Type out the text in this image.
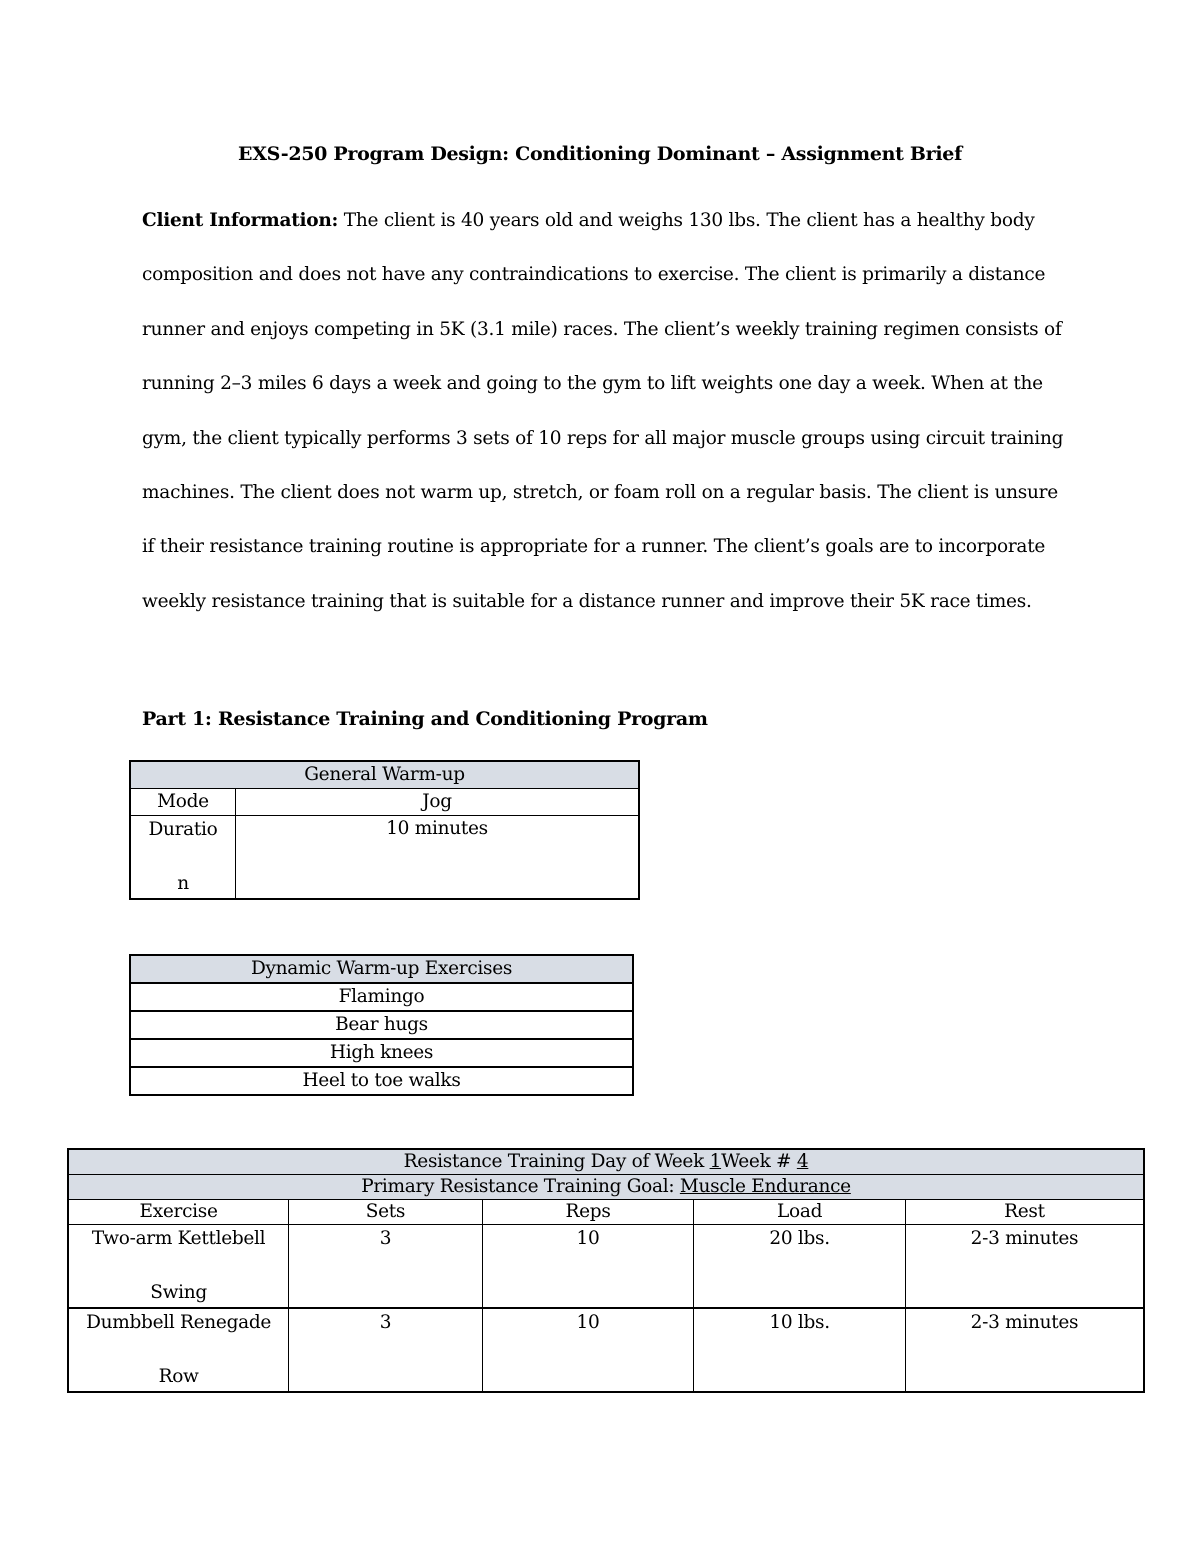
EXS-250 Program Design: Conditioning Dominant – Assignment Brief
Client Information: The client is 40 years old and weighs 130 lbs. The client has a healthy body composition and does not have any contraindications to exercise. The client is primarily a distance runner and enjoys competing in 5K (3.1 mile) races. The client’s weekly training regimen consists of running 2–3 miles 6 days a week and going to the gym to lift weights one day a week. When at the gym, the client typically performs 3 sets of 10 reps for all major muscle groups using circuit training machines. The client does not warm up, stretch, or foam roll on a regular basis. The client is unsure if their resistance training routine is appropriate for a runner. The client’s goals are to incorporate weekly resistance training that is suitable for a distance runner and improve their 5K race times.
Part 1: Resistance Training and Conditioning Program
General Warm-up	
Mode	Jog

Duratio
n	10 minutes
Dynamic Warm-up Exercises
Flamingo
Bear hugs
High knees
Heel to toe walks
Resistance Training Day of Week 1Week # 4				
Primary Resistance Training Goal: Muscle Endurance				
Exercise	Sets	Reps	Load	Rest
Two-arm Kettlebell
Swing	3	10	20 lbs.	2-3 minutes
Dumbbell Renegade
Row	3	10	10 lbs.	2-3 minutes
